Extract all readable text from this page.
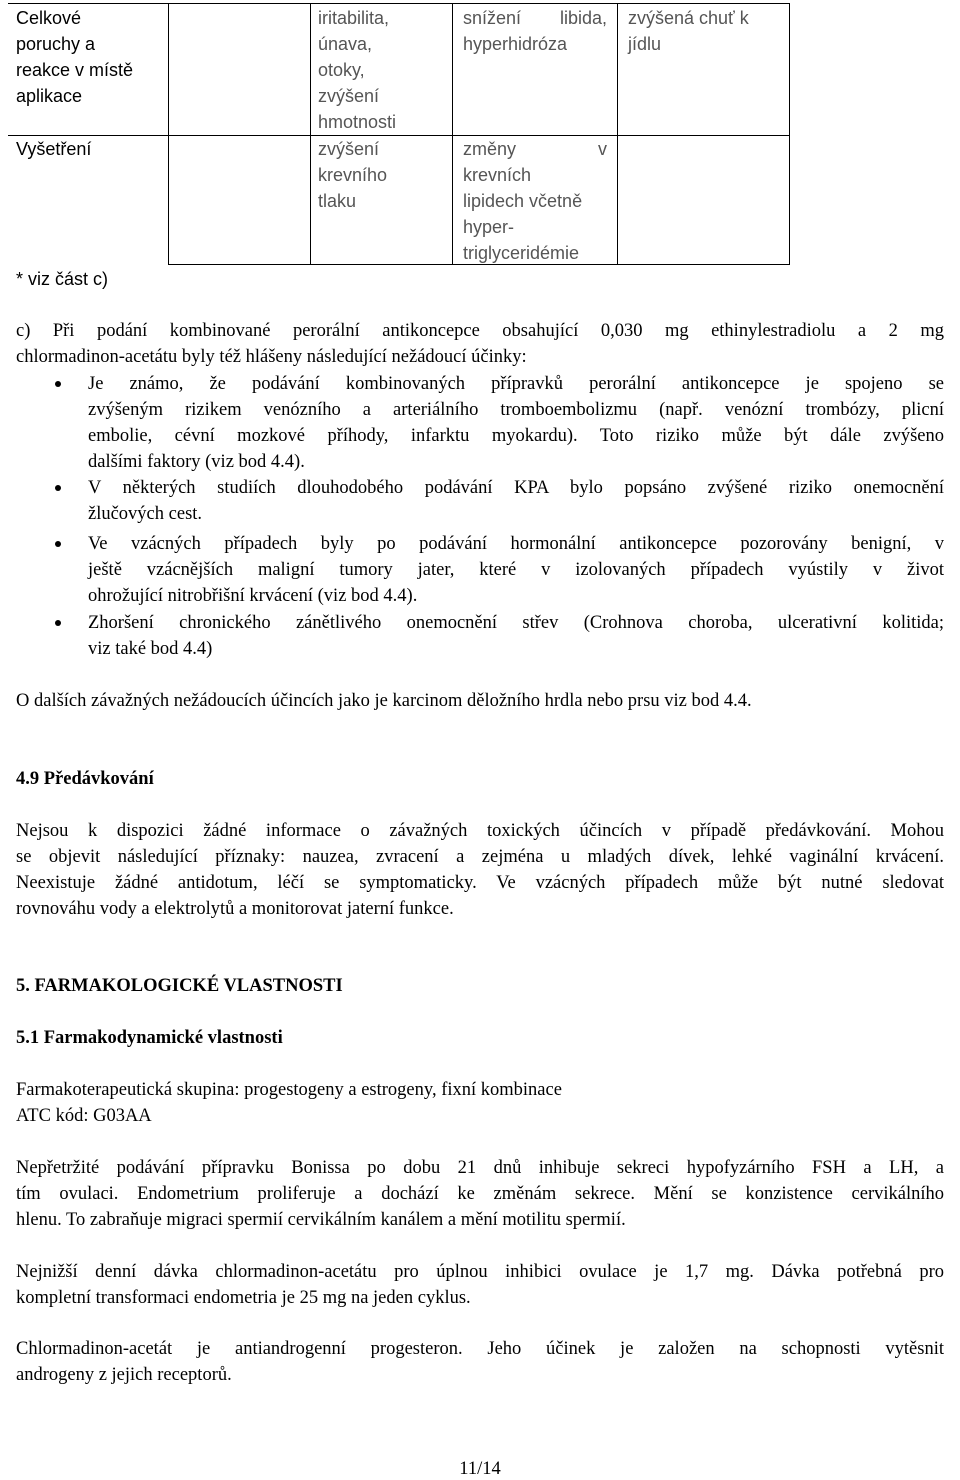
Celkové
poruchy a
reakce v místě
aplikace
iritabilita,
únava,
otoky,
zvýšení
hmotnosti
snížení libida,
hyperhidróza
zvýšená chuť k
jídlu
Vyšetření	zvýšení
krevního
tlaku
změny v
krevních
lipidech včetně
hyper-
triglyceridémie
* viz část c)
c) Při podání kombinované perorální antikoncepce obsahující 0,030 mg ethinylestradiolu a 2 mg
chlormadinon-acetátu byly též hlášeny následující nežádoucí účinky:
Je známo, že podávání kombinovaných přípravků perorální antikoncepce je spojeno se
zvýšeným rizikem venózního a arteriálního tromboembolizmu (např. venózní trombózy, plicní
embolie, cévní mozkové příhody, infarktu myokardu). Toto riziko může být dále zvýšeno
dalšími faktory (viz bod 4.4).
V některých studiích dlouhodobého podávání KPA bylo popsáno zvýšené riziko onemocnění
žlučových cest.
Ve vzácných případech byly po podávání hormonální antikoncepce pozorovány benigní, v
ještě vzácnějších maligní tumory jater, které v izolovaných případech vyústily v život
ohrožující nitrobřišní krvácení (viz bod 4.4).
Zhoršení chronického zánětlivého onemocnění střev (Crohnova choroba, ulcerativní kolitida;
viz také bod 4.4)
O dalších závažných nežádoucích účincích jako je karcinom děložního hrdla nebo prsu viz bod 4.4.
4.9 Předávkování
Nejsou k dispozici žádné informace o závažných toxických účincích v případě předávkování. Mohou
se objevit následující příznaky: nauzea, zvracení a zejména u mladých dívek, lehké vaginální krvácení.
Neexistuje žádné antidotum, léčí se symptomaticky. Ve vzácných případech může být nutné sledovat
rovnováhu vody a elektrolytů a monitorovat jaterní funkce.
5. FARMAKOLOGICKÉ VLASTNOSTI
5.1 Farmakodynamické vlastnosti
Farmakoterapeutická skupina: progestogeny a estrogeny, fixní kombinace
ATC kód: G03AA
Nepřetržité podávání přípravku Bonissa po dobu 21 dnů inhibuje sekreci hypofyzárního FSH a LH, a
tím ovulaci. Endometrium proliferuje a dochází ke změnám sekrece. Mění se konzistence cervikálního
hlenu. To zabraňuje migraci spermií cervikálním kanálem a mění motilitu spermií.
Nejnižší denní dávka chlormadinon-acetátu pro úplnou inhibici ovulace je 1,7 mg. Dávka potřebná pro
kompletní transformaci endometria je 25 mg na jeden cyklus.
Chlormadinon-acetát je antiandrogenní progesteron. Jeho účinek je založen na schopnosti vytěsnit
androgeny z jejich receptorů.
11/14
